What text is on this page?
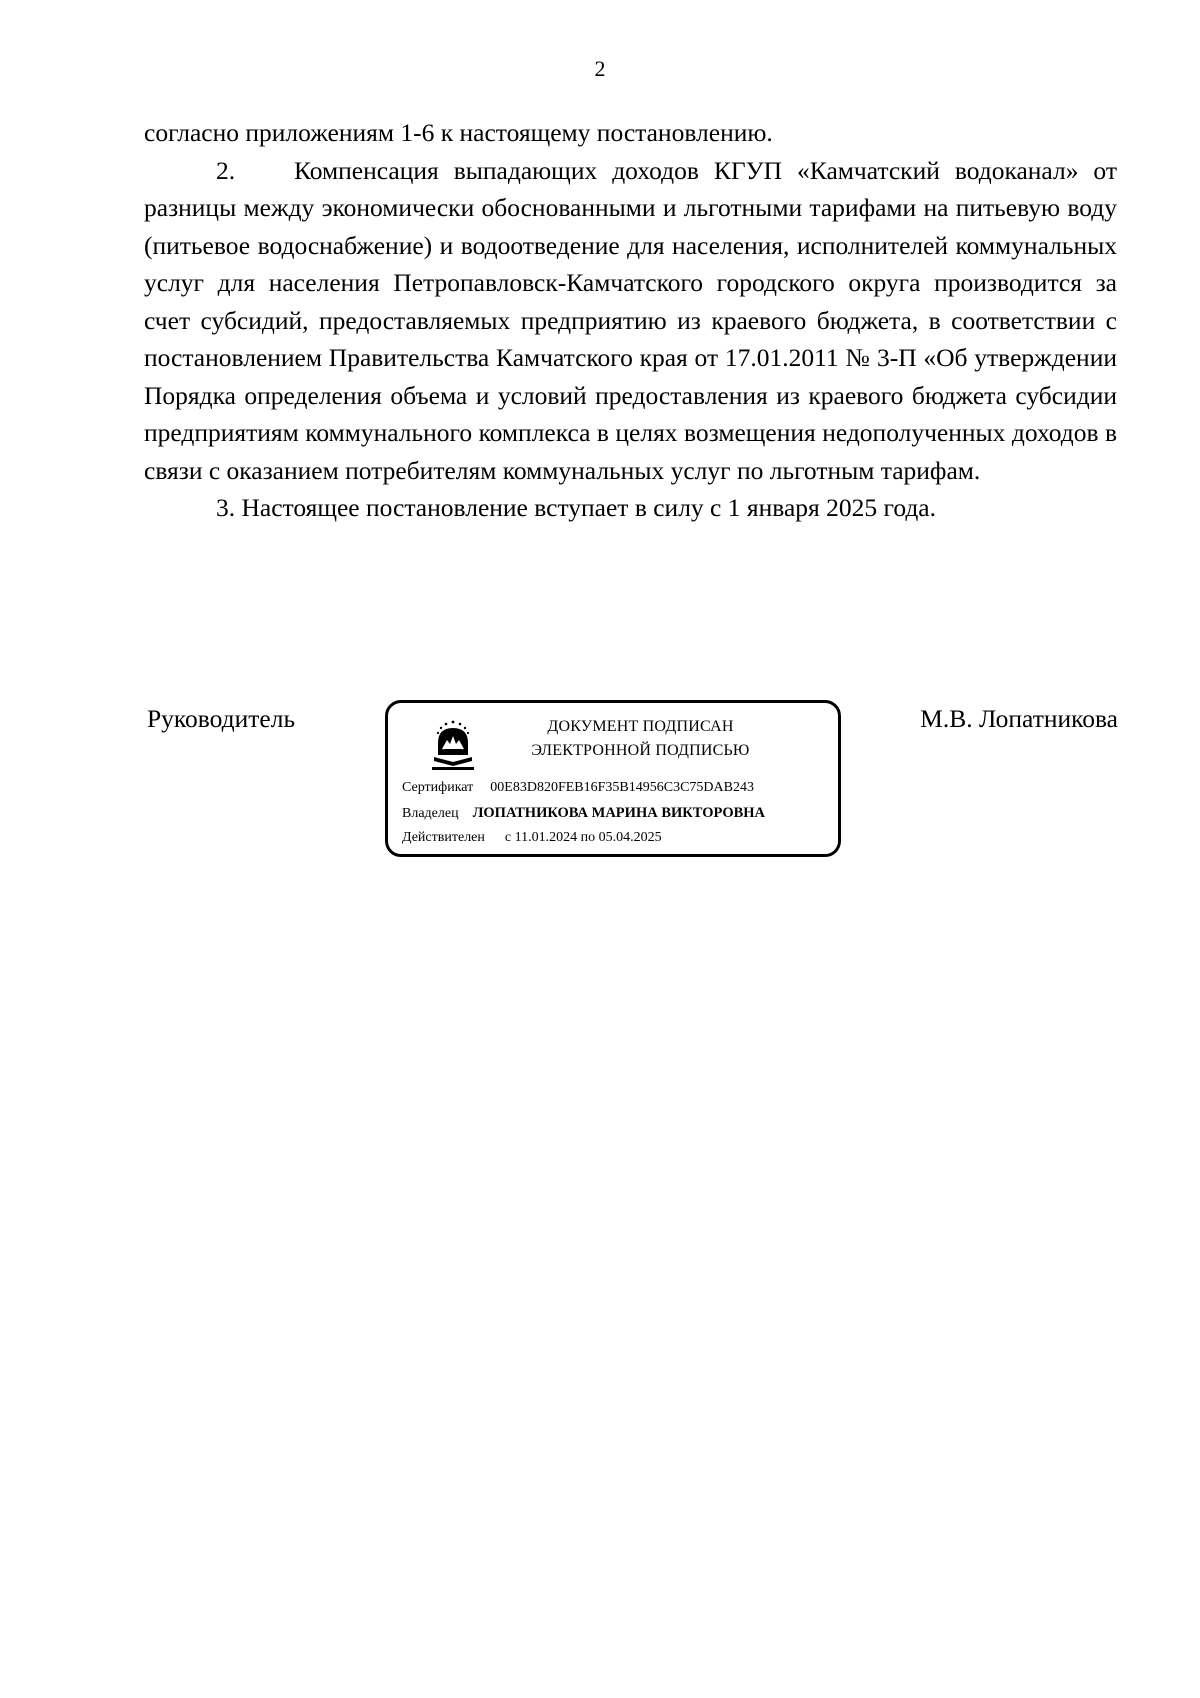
2

согласно приложениям 1-6 к настоящему постановлению.

2. Компенсация выпадающих доходов КГУП «Камчатский водоканал» от разницы между экономически обоснованными и льготными тарифами на питьевую воду (питьевое водоснабжение) и водоотведение для населения, исполнителей коммунальных услуг для населения Петропавловск-Камчатского городского округа производится за счет субсидий, предоставляемых предприятию из краевого бюджета, в соответствии с постановлением Правительства Камчатского края от 17.01.2011 № 3-П «Об утверждении Порядка определения объема и условий предоставления из краевого бюджета субсидии предприятиям коммунального комплекса в целях возмещения недополученных доходов в связи с оказанием потребителям коммунальных услуг по льготным тарифам.

3. Настоящее постановление вступает в силу с 1 января 2025 года.

Руководитель	ДОКУМЕНТ ПОДПИСАН
ЭЛЕКТРОННОЙ ПОДПИСЬЮ
Сертификат 00E83D820FEB16F35B14956C3C75DAB243
Владелец ЛОПАТНИКОВА МАРИНА ВИКТОРОВНА
Действителен с 11.01.2024 по 05.04.2025
М.В. Лопатникова
